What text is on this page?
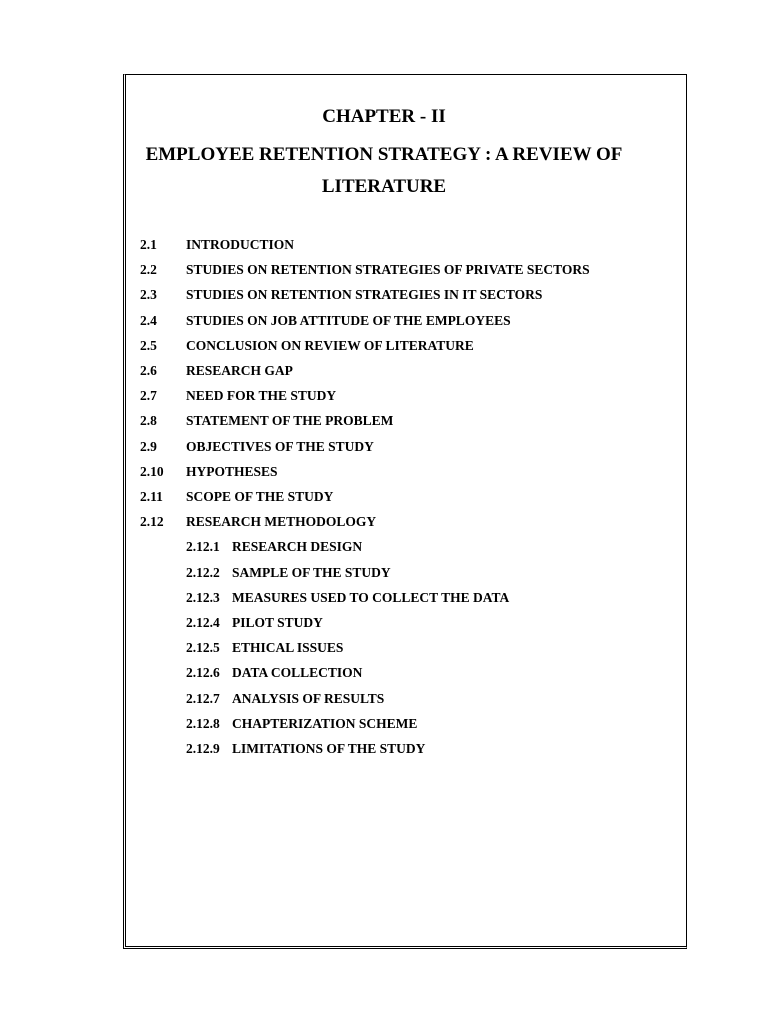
CHAPTER - II
EMPLOYEE RETENTION STRATEGY : A REVIEW OF
LITERATURE
2.1 INTRODUCTION
2.2 STUDIES ON RETENTION STRATEGIES OF PRIVATE SECTORS
2.3 STUDIES ON RETENTION STRATEGIES IN IT SECTORS
2.4 STUDIES ON JOB ATTITUDE OF THE EMPLOYEES
2.5 CONCLUSION ON REVIEW OF LITERATURE
2.6 RESEARCH GAP
2.7 NEED FOR THE STUDY
2.8 STATEMENT OF THE PROBLEM
2.9 OBJECTIVES OF THE STUDY
2.10 HYPOTHESES
2.11 SCOPE OF THE STUDY
2.12 RESEARCH METHODOLOGY
2.12.1 RESEARCH DESIGN
2.12.2 SAMPLE OF THE STUDY
2.12.3 MEASURES USED TO COLLECT THE DATA
2.12.4 PILOT STUDY
2.12.5 ETHICAL ISSUES
2.12.6 DATA COLLECTION
2.12.7 ANALYSIS OF RESULTS
2.12.8 CHAPTERIZATION SCHEME
2.12.9 LIMITATIONS OF THE STUDY
